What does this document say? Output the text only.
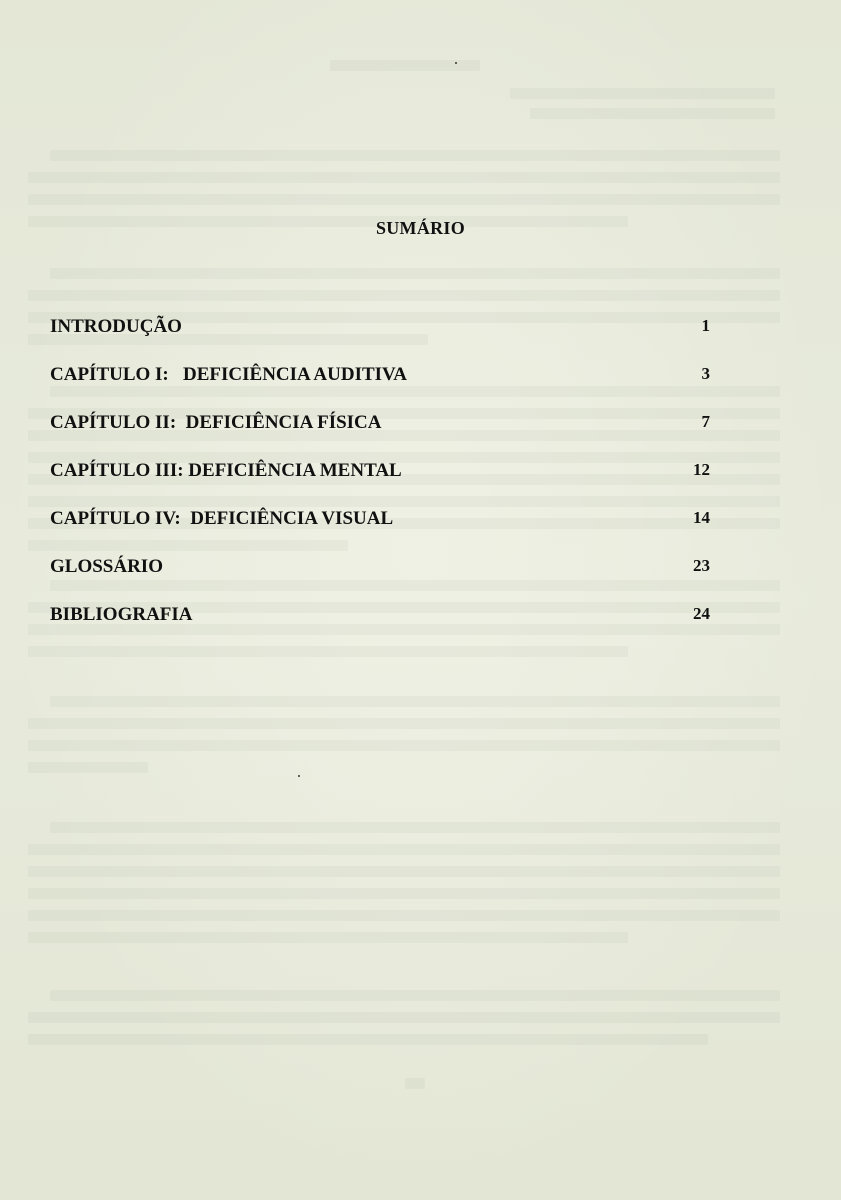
SUMÁRIO
INTRODUÇÃO	1
CAPÍTULO I:   DEFICIÊNCIA AUDITIVA	3
CAPÍTULO II:  DEFICIÊNCIA FÍSICA	7
CAPÍTULO III: DEFICIÊNCIA MENTAL	12
CAPÍTULO IV:  DEFICIÊNCIA VISUAL	14
GLOSSÁRIO	23
BIBLIOGRAFIA	24
